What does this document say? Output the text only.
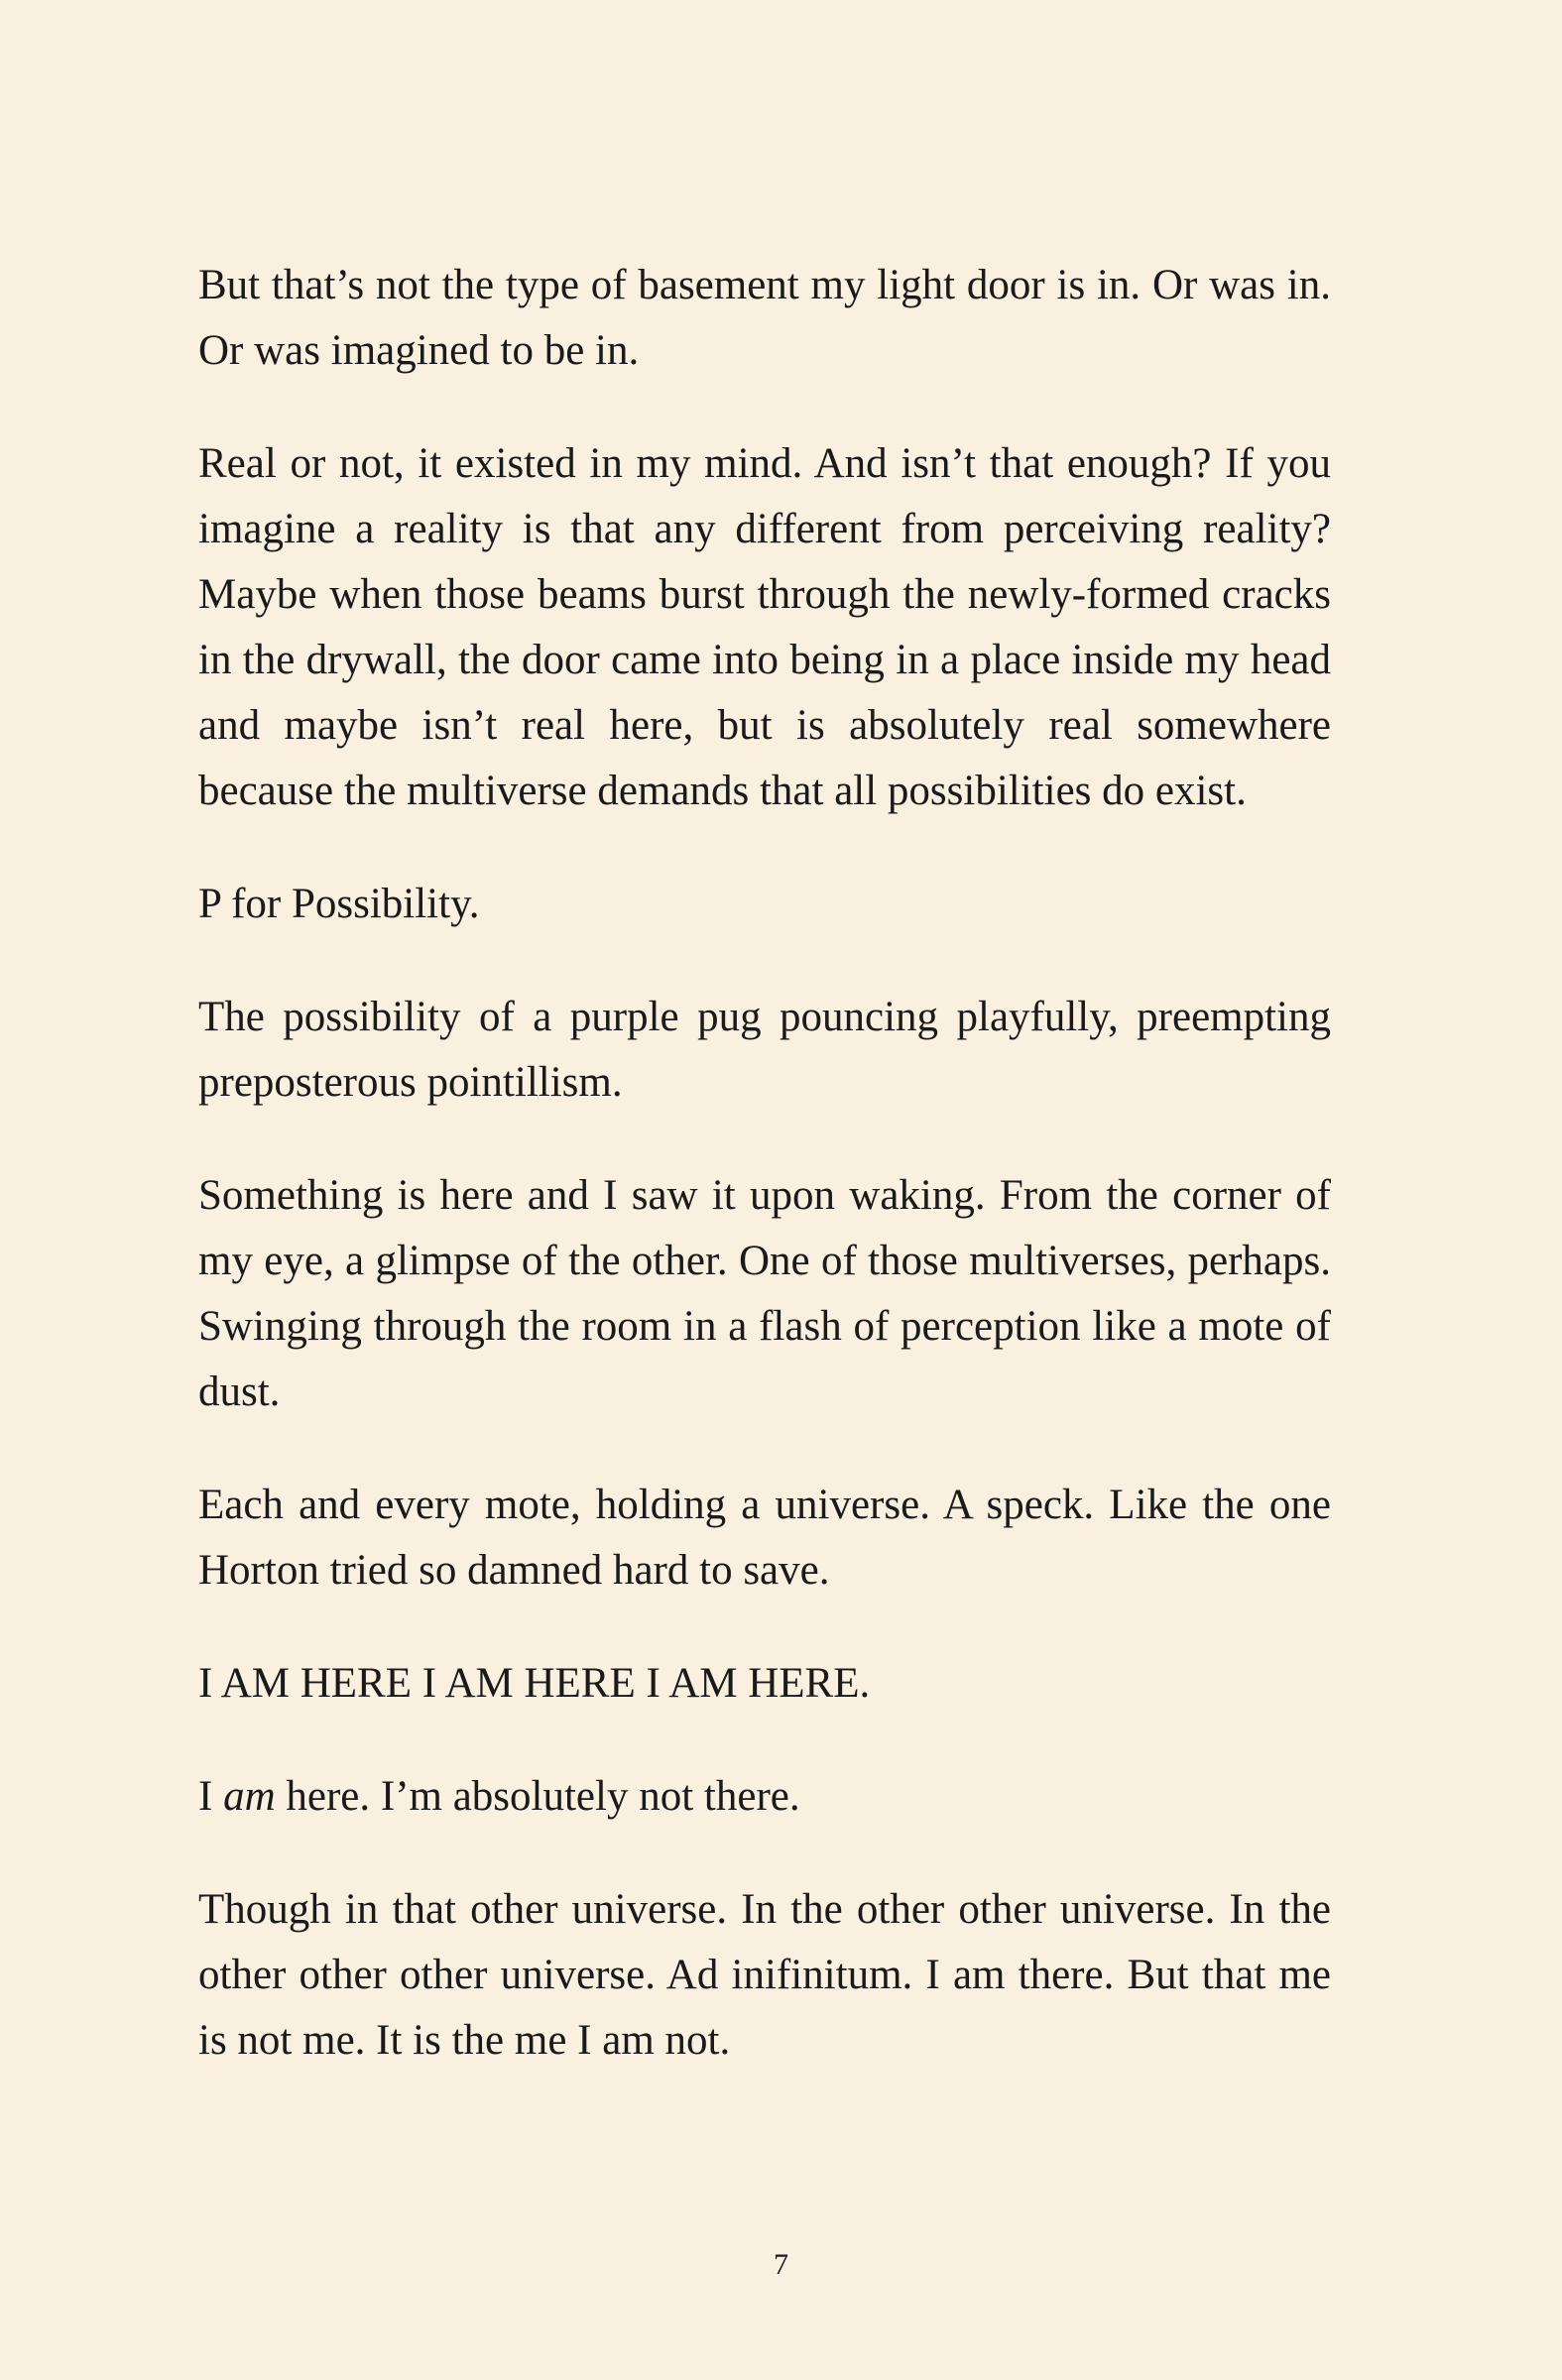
But that’s not the type of basement my light door is in. Or was in. Or was imagined to be in.

Real or not, it existed in my mind. And isn’t that enough? If you imagine a reality is that any different from perceiving reality? Maybe when those beams burst through the newly-formed cracks in the drywall, the door came into being in a place inside my head and maybe isn’t real here, but is absolutely real somewhere because the multiverse demands that all possibilities do exist.

P for Possibility.

The possibility of a purple pug pouncing playfully, preempting preposterous pointillism.

Something is here and I saw it upon waking. From the corner of my eye, a glimpse of the other. One of those multiverses, perhaps. Swinging through the room in a flash of perception like a mote of dust.

Each and every mote, holding a universe. A speck. Like the one Horton tried so damned hard to save.

I AM HERE I AM HERE I AM HERE.

I am here. I’m absolutely not there.

Though in that other universe. In the other other universe. In the other other other universe. Ad inifinitum. I am there. But that me is not me. It is the me I am not.

7
